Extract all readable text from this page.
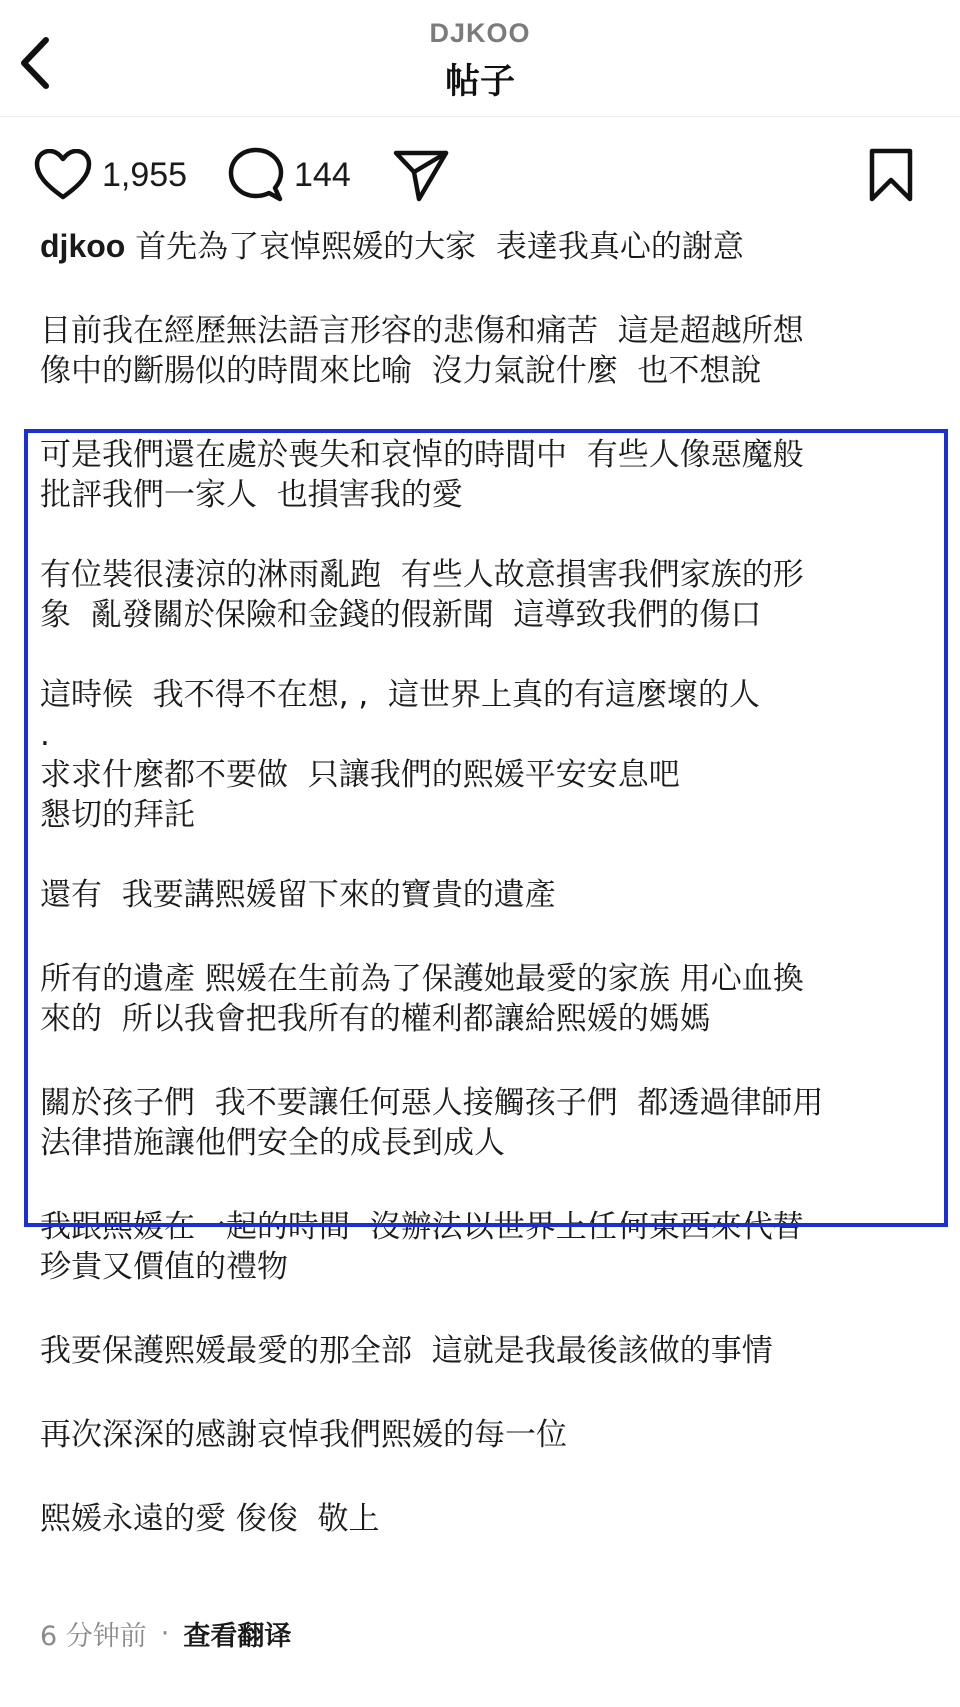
DJKOO
帖子
1,955	144

djkoo 首先為了哀悼熙媛的大家  表達我真心的謝意

目前我在經歷無法語言形容的悲傷和痛苦  這是超越所想
像中的斷腸似的時間來比喻  沒力氣說什麼  也不想說

可是我們還在處於喪失和哀悼的時間中  有些人像惡魔般
批評我們一家人  也損害我的愛

有位裝很淒涼的淋雨亂跑  有些人故意損害我們家族的形
象  亂發關於保險和金錢的假新聞  這導致我們的傷口

這時候  我不得不在想, ,  這世界上真的有這麼壞的人
.
求求什麼都不要做  只讓我們的熙媛平安安息吧
懇切的拜託

還有  我要講熙媛留下來的寶貴的遺產

所有的遺產 熙媛在生前為了保護她最愛的家族 用心血換
來的  所以我會把我所有的權利都讓給熙媛的媽媽

關於孩子們  我不要讓任何惡人接觸孩子們  都透過律師用
法律措施讓他們安全的成長到成人

我跟熙媛在一起的時間  沒辦法以世界上任何東西來代替
珍貴又價值的禮物

我要保護熙媛最愛的那全部  這就是我最後該做的事情

再次深深的感謝哀悼我們熙媛的每一位

熙媛永遠的愛 俊俊  敬上

6 分钟前 · 查看翻译
